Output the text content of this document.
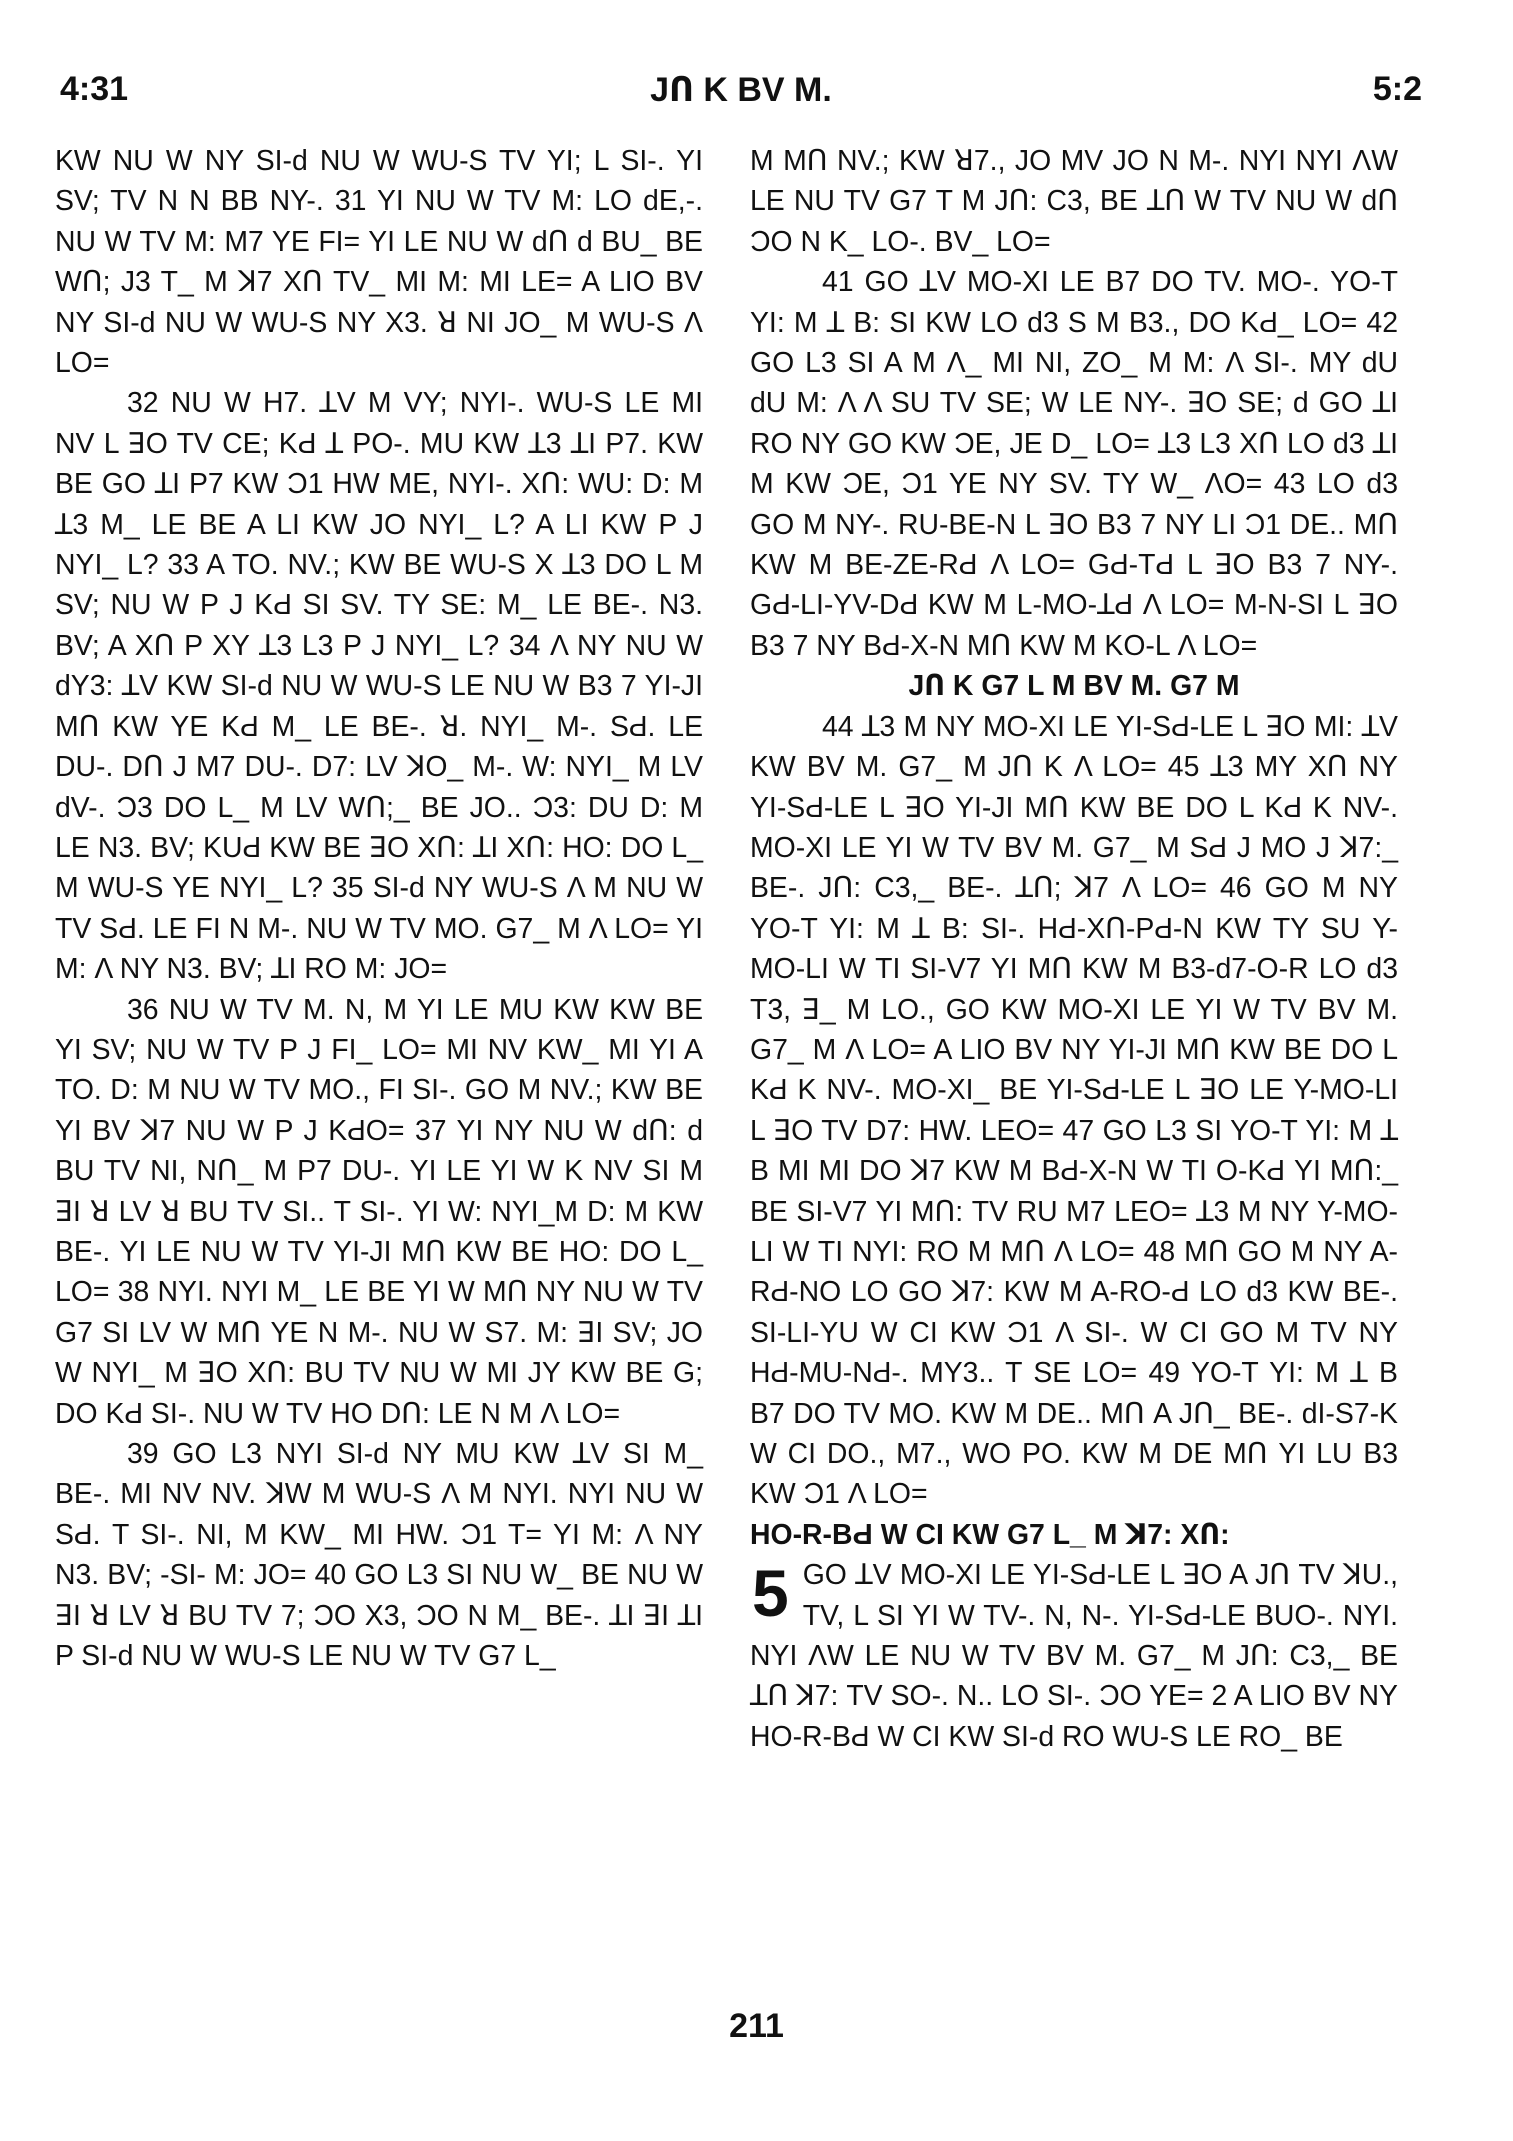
4:31	JՈ K BV M.	5:2

KW NU W NY SI-d NU W WU-S TV YI; L SI-. YI SV; TV N N BB NY-. 31 YI NU W TV M: LO dE,-. NU W TV M: M7 YE FI= YI LE NU W dՈ d BU_ BE WՈ; J3 T_ M ꓘ7 XՈ TV_ MI M: MI LE= A LIO BV NY SI-d NU W WU-S NY X3. ꓤ NI JO_ M WU-S Λ LO=

32 NU W H7. ꓕV M VY; NYI-. WU-S LE MI NV L ꓱO TV CE; KԀ ꓕ PO-. MU KW ꓕ3 ꓕI P7. KW BE GO ꓕI P7 KW Ɔ1 HW ME, NYI-. XՈ: WU: D: M ꓕ3 M_ LE BE A LI KW JO NYI_ L? A LI KW P J NYI_ L? 33 A TO. NV.; KW BE WU-S X ꓕ3 DO L M SV; NU W P J KԀ SI SV. TY SE: M_ LE BE-. N3. BV; A XՈ P XY ꓕ3 L3 P J NYI_ L? 34 Λ NY NU W dY3: ꓕV KW SI-d NU W WU-S LE NU W B3 7 YI-JI MՈ KW YE KԀ M_ LE BE-. ꓤ. NYI_ M-. SԀ. LE DU-. DՈ J M7 DU-. D7: LV ꓘO_ M-. W: NYI_ M LV dV-. Ɔ3 DO L_ M LV WՈ;_ BE JO.. Ɔ3: DU D: M LE N3. BV; KUԀ KW BE ꓱO XՈ: ꓕI XՈ: HO: DO L_ M WU-S YE NYI_ L? 35 SI-d NY WU-S Λ M NU W TV SԀ. LE FI N M-. NU W TV MO. G7_ M Λ LO= YI M: Λ NY N3. BV; ꓕI RO M: JO=

36 NU W TV M. N, M YI LE MU KW KW BE YI SV; NU W TV P J FI_ LO= MI NV KW_ MI YI A TO. D: M NU W TV MO., FI SI-. GO M NV.; KW BE YI BV ꓘ7 NU W P J KԀO= 37 YI NY NU W dՈ: d BU TV NI, NՈ_ M P7 DU-. YI LE YI W K NV SI M ꓱI ꓤ LV ꓤ BU TV SI.. T SI-. YI W: NYI_M D: M KW BE-. YI LE NU W TV YI-JI MՈ KW BE HO: DO L_ LO= 38 NYI. NYI M_ LE BE YI W MՈ NY NU W TV G7 SI LV W MՈ YE N M-. NU W S7. M: ꓱI SV; JO W NYI_ M ꓱO XՈ: BU TV NU W MI JY KW BE G; DO KԀ SI-. NU W TV HO DՈ: LE N M Λ LO=

39 GO L3 NYI SI-d NY MU KW ꓕV SI M_ BE-. MI NV NV. ꓘW M WU-S Λ M NYI. NYI NU W SԀ. T SI-. NI, M KW_ MI HW. Ɔ1 T= YI M: Λ NY N3. BV; -SI- M: JO= 40 GO L3 SI NU W_ BE NU W ꓱI ꓤ LV ꓤ BU TV 7; ƆO X3, ƆO N M_ BE-. ꓕI ꓱI ꓕI P SI-d NU W WU-S LE NU W TV G7 L_

M MՈ NV.; KW ꓤ7., JO MV JO N M-. NYI NYI ΛW LE NU TV G7 T M JՈ: C3, BE ꓕՈ W TV NU W dՈ ƆO N K_ LO-. BV_ LO=

41 GO ꓕV MO-XI LE B7 DO TV. MO-. YO-T YI: M ꓕ B: SI KW LO d3 S M B3., DO KԀ_ LO= 42 GO L3 SI A M Λ_ MI NI, ZO_ M M: Λ SI-. MY dU dU M: Λ Λ SU TV SE; W LE NY-. ꓱO SE; d GO ꓕI RO NY GO KW ƆE, JE D_ LO= ꓕ3 L3 XՈ LO d3 ꓕI M KW ƆE, Ɔ1 YE NY SV. TY W_ ΛO= 43 LO d3 GO M NY-. RU-BE-N L ꓱO B3 7 NY LI Ɔ1 DE.. MՈ KW M BE-ZE-RԀ Λ LO= GԀ-TԀ L ꓱO B3 7 NY-. GԀ-LI-YV-DԀ KW M L-MO-ꓕԀ Λ LO= M-N-SI L ꓱO B3 7 NY BԀ-X-N MՈ KW M KO-L Λ LO=

JՈ K G7 L M BV M. G7 M

44 ꓕ3 M NY MO-XI LE YI-SԀ-LE L ꓱO MI: ꓕV KW BV M. G7_ M JՈ K Λ LO= 45 ꓕ3 MY XՈ NY YI-SԀ-LE L ꓱO YI-JI MՈ KW BE DO L KԀ K NV-. MO-XI LE YI W TV BV M. G7_ M SԀ J MO J ꓘ7:_ BE-. JՈ: C3,_ BE-. ꓕՈ; ꓘ7 Λ LO= 46 GO M NY YO-T YI: M ꓕ B: SI-. HԀ-XՈ-PԀ-N KW TY SU Y-MO-LI W TI SI-V7 YI MՈ KW M B3-d7-O-R LO d3 T3, ꓱ_ M LO., GO KW MO-XI LE YI W TV BV M. G7_ M Λ LO= A LIO BV NY YI-JI MՈ KW BE DO L KԀ K NV-. MO-XI_ BE YI-SԀ-LE L ꓱO LE Y-MO-LI L ꓱO TV D7: HW. LEO= 47 GO L3 SI YO-T YI: M ꓕ B MI MI DO ꓘ7 KW M BԀ-X-N W TI O-KԀ YI MՈ:_ BE SI-V7 YI MՈ: TV RU M7 LEO= ꓕ3 M NY Y-MO-LI W TI NYI: RO M MՈ Λ LO= 48 MՈ GO M NY A-RԀ-NO LO GO ꓘ7: KW M A-RO-Ԁ LO d3 KW BE-. SI-LI-YU W CI KW Ɔ1 Λ SI-. W CI GO M TV NY HԀ-MU-NԀ-. MY3.. T SE LO= 49 YO-T YI: M ꓕ B B7 DO TV MO. KW M DE.. MՈ A JՈ_ BE-. dI-S7-K W CI DO., M7., WO PO. KW M DE MՈ YI LU B3 KW Ɔ1 Λ LO=

HO-R-BԀ W CI KW G7 L_ M ꓘ7: XՈ:

5 GO ꓕV MO-XI LE YI-SԀ-LE L ꓱO A JՈ TV ꓘU., TV, L SI YI W TV-. N, N-. YI-SԀ-LE BUO-. NYI. NYI ΛW LE NU W TV BV M. G7_ M JՈ: C3,_ BE ꓕՈ ꓘ7: TV SO-. N.. LO SI-. ƆO YE= 2 A LIO BV NY HO-R-BԀ W CI KW SI-d RO WU-S LE RO_ BE

211
